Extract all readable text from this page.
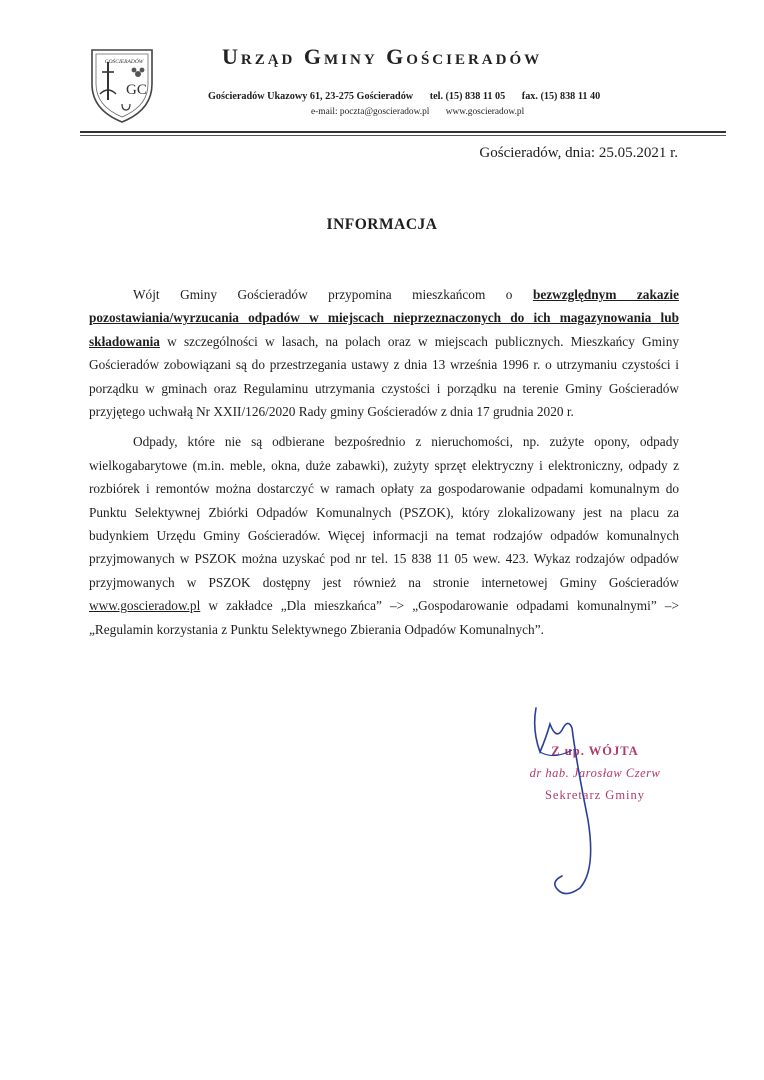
GOŚCIERADÓW
GC
Urząd Gminy Gościeradów
Gościeradów Ukazowy 61, 23-275 Gościeradów tel. (15) 838 11 05 fax. (15) 838 11 40
e-mail: poczta@goscieradow.pl www.goscieradow.pl
Gościeradów, dnia: 25.05.2021 r.
INFORMACJA

Wójt Gminy Gościeradów przypomina mieszkańcom o bezwzględnym zakazie pozostawiania/wyrzucania odpadów w miejscach nieprzeznaczonych do ich magazynowania lub składowania w szczególności w lasach, na polach oraz w miejscach publicznych. Mieszkańcy Gminy Gościeradów zobowiązani są do przestrzegania ustawy z dnia 13 września 1996 r. o utrzymaniu czystości i porządku w gminach oraz Regulaminu utrzymania czystości i porządku na terenie Gminy Gościeradów przyjętego uchwałą Nr XXII/126/2020 Rady gminy Gościeradów z dnia 17 grudnia 2020 r.

Odpady, które nie są odbierane bezpośrednio z nieruchomości, np. zużyte opony, odpady wielkogabarytowe (m.in. meble, okna, duże zabawki), zużyty sprzęt elektryczny i elektroniczny, odpady z rozbiórek i remontów można dostarczyć w ramach opłaty za gospodarowanie odpadami komunalnym do Punktu Selektywnej Zbiórki Odpadów Komunalnych (PSZOK), który zlokalizowany jest na placu za budynkiem Urzędu Gminy Gościeradów. Więcej informacji na temat rodzajów odpadów komunalnych przyjmowanych w PSZOK można uzyskać pod nr tel. 15 838 11 05 wew. 423. Wykaz rodzajów odpadów przyjmowanych w PSZOK dostępny jest również na stronie internetowej Gminy Gościeradów www.goscieradow.pl w zakładce „Dla mieszkańca” –> „Gospodarowanie odpadami komunalnymi” –> „Regulamin korzystania z Punktu Selektywnego Zbierania Odpadów Komunalnych”.

Z up. WÓJTA
dr hab. Jarosław Czerw
Sekretarz Gminy
